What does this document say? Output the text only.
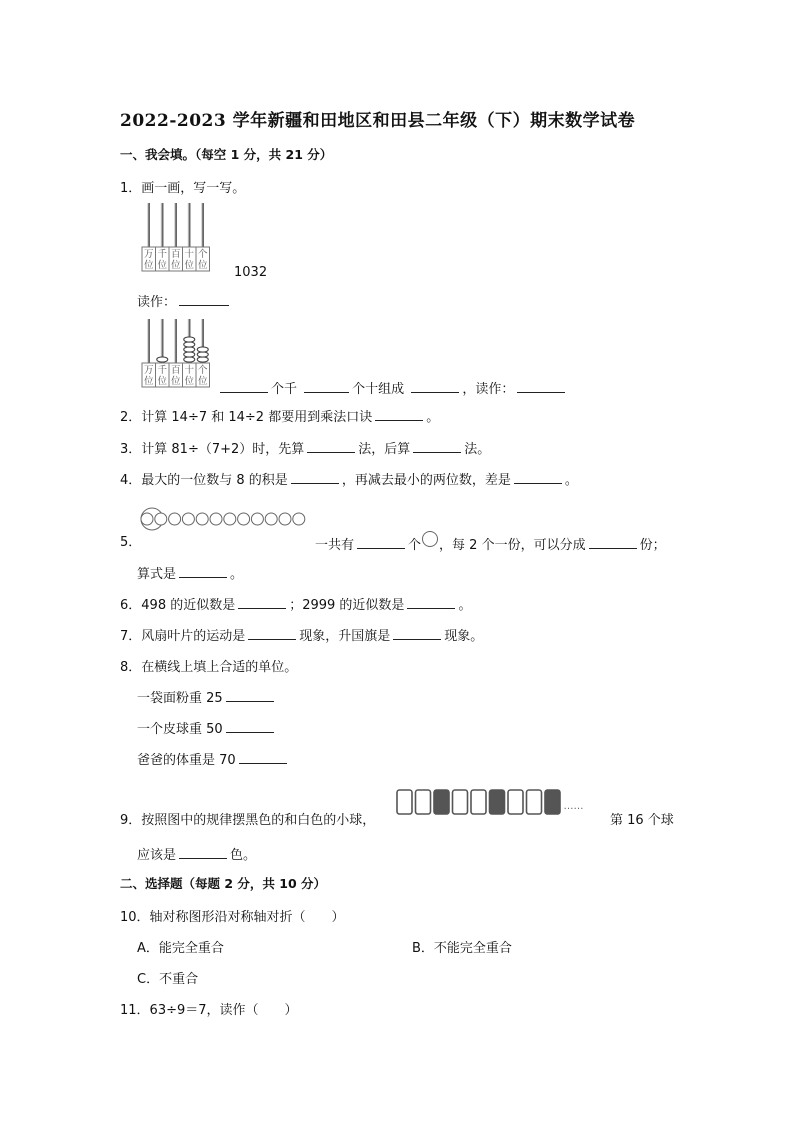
2022-2023 学年新疆和田地区和田县二年级（下）期末数学试卷
一、我会填。（每空 1 分，共 21 分）
1．画一画，写一写。
万
位
千
位
百
位
十
位
个
位 1032
读作：
万
位
千
位
百
位
十
位
个
位
个千	个十组成	，读作：
2．计算 14÷7 和 14÷2 都要用到乘法口诀	。
3．计算 81÷（7+2）时，先算	法，后算	法。
4．最大的一位数与 8 的积是	，再减去最小的两位数，差是	。
5．	一共有	个 ，每 2 个一份，可以分成	份；
算式是	。
6．498 的近似数是	；2999 的近似数是	。
7．风扇叶片的运动是	现象，升国旗是	现象。
8．在横线上填上合适的单位。
一袋面粉重 25
一个皮球重 50
爸爸的体重是 70
9．按照图中的规律摆黑色的和白色的小球，
……
第 16 个球
应该是	色。
二、选择题（每题 2 分，共 10 分）
10．轴对称图形沿对称轴对折（　　）
A．能完全重合	B．不能完全重合
C．不重合
11．63÷9＝7，读作（　　）
